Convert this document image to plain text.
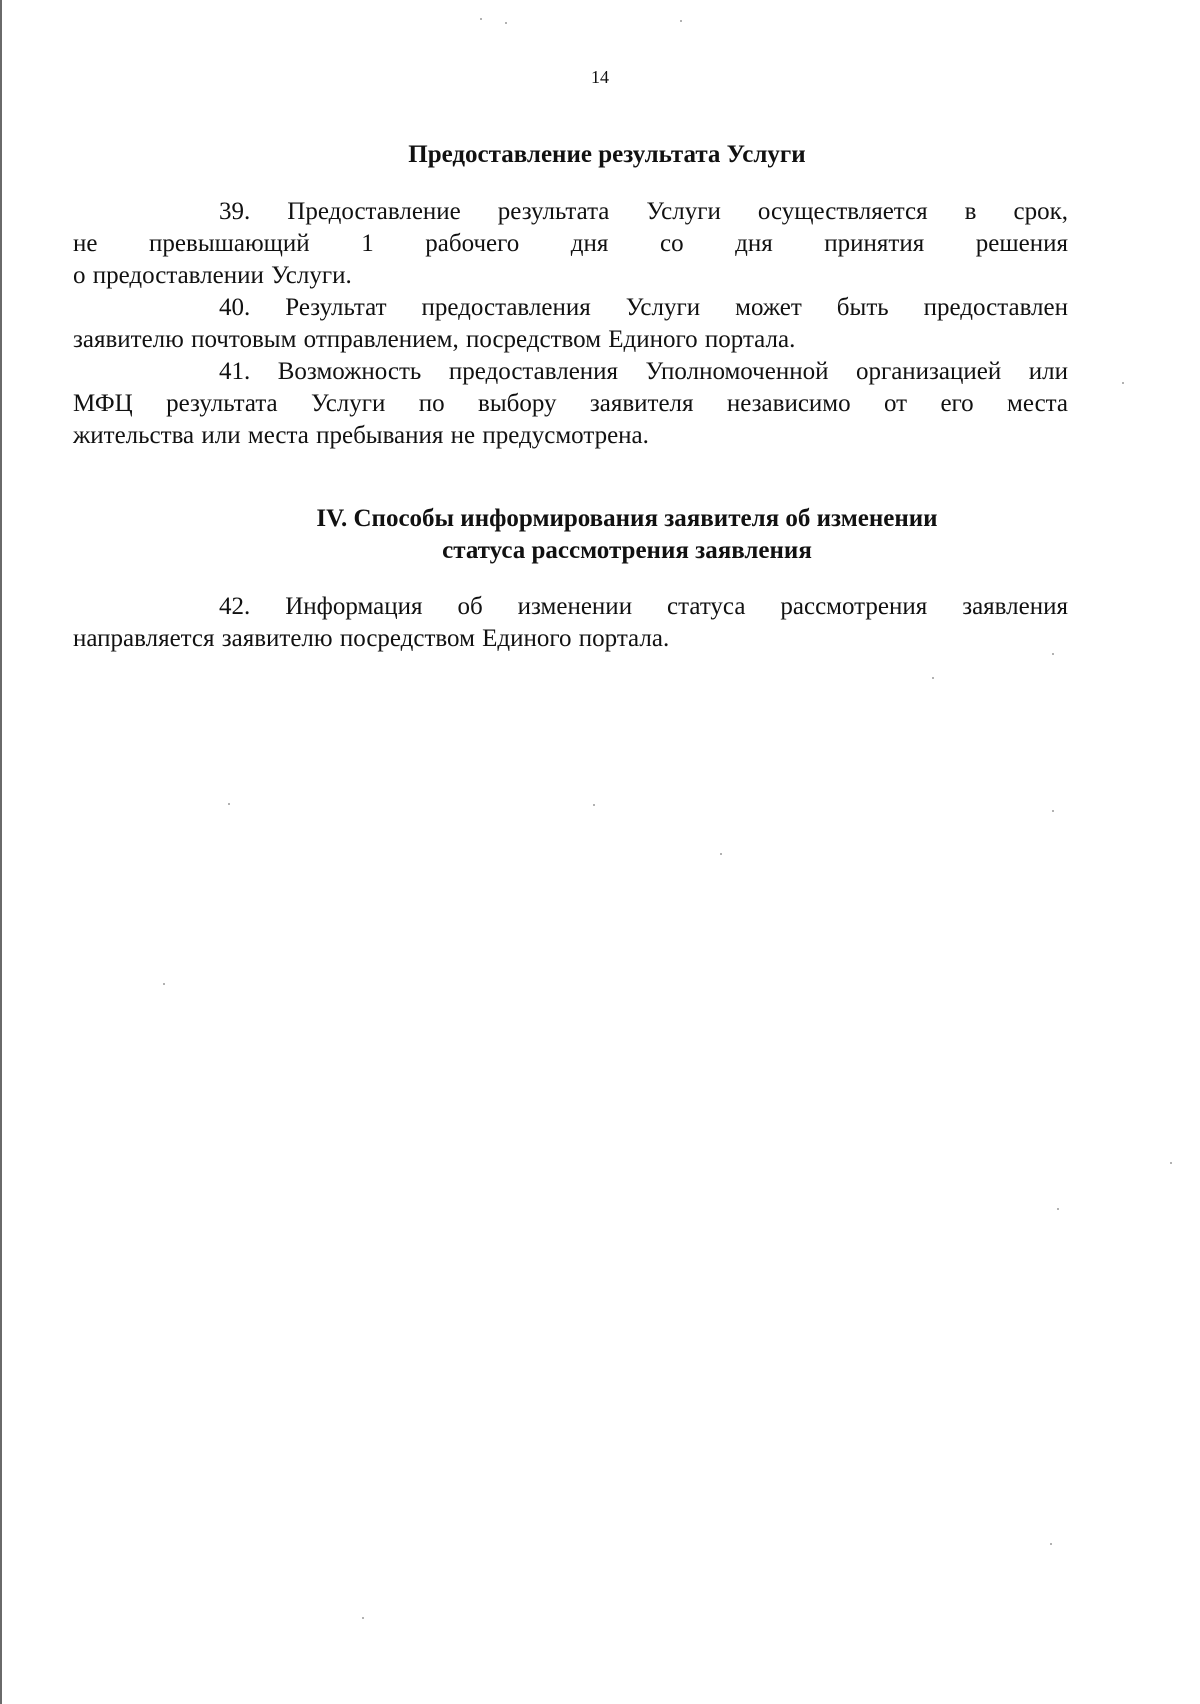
14
Предоставление результата Услуги

39. Предоставление результата Услуги осуществляется в срок,
не превышающий 1 рабочего дня со дня принятия решения
о предоставлении Услуги.

40. Результат предоставления Услуги может быть предоставлен
заявителю почтовым отправлением, посредством Единого портала.

41. Возможность предоставления Уполномоченной организацией или
МФЦ результата Услуги по выбору заявителя независимо от его места
жительства или места пребывания не предусмотрена.

IV. Способы информирования заявителя об изменении
статуса рассмотрения заявления

42. Информация об изменении статуса рассмотрения заявления
направляется заявителю посредством Единого портала.
